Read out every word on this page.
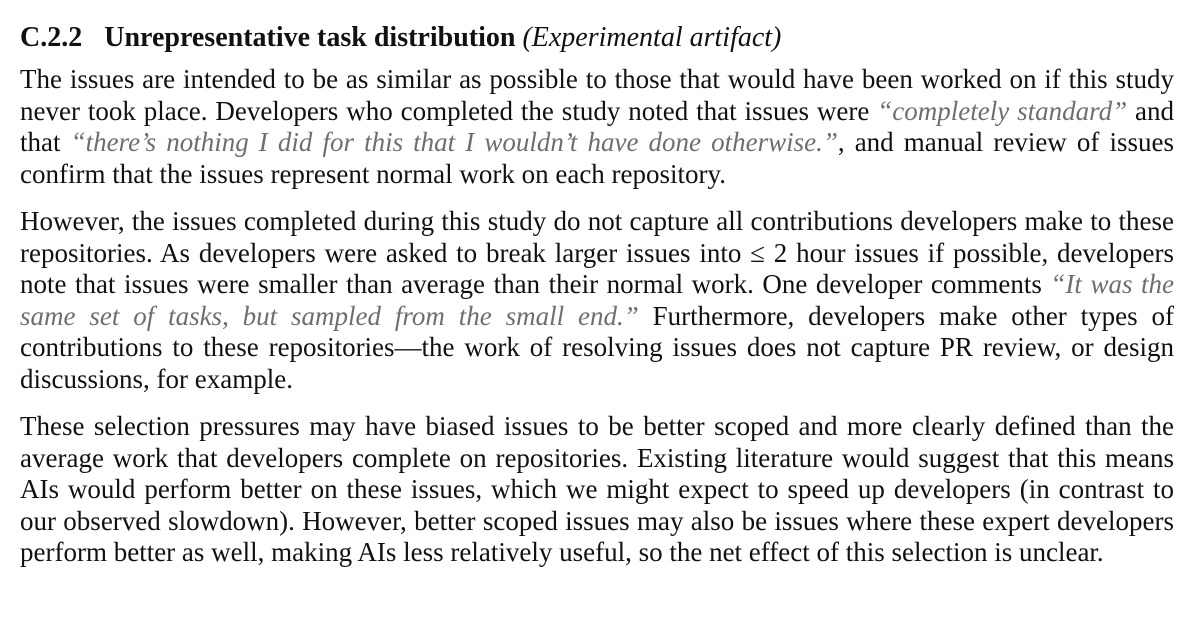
C.2.2 Unrepresentative task distribution (Experimental artifact)

The issues are intended to be as similar as possible to those that would have been worked on if this study never took place. Developers who completed the study noted that issues were “completely standard” and that “there’s nothing I did for this that I wouldn’t have done otherwise.”, and manual review of issues confirm that the issues represent normal work on each repository.

However, the issues completed during this study do not capture all contributions developers make to these repositories. As developers were asked to break larger issues into ≤ 2 hour issues if possible, developers note that issues were smaller than average than their normal work. One developer comments “It was the same set of tasks, but sampled from the small end.” Furthermore, developers make other types of contributions to these repositories—the work of resolving issues does not capture PR review, or design discussions, for example.

These selection pressures may have biased issues to be better scoped and more clearly defined than the average work that developers complete on repositories. Existing literature would suggest that this means AIs would perform better on these issues, which we might expect to speed up developers (in contrast to our observed slowdown). However, better scoped issues may also be issues where these expert developers perform better as well, making AIs less relatively useful, so the net effect of this selection is unclear.
